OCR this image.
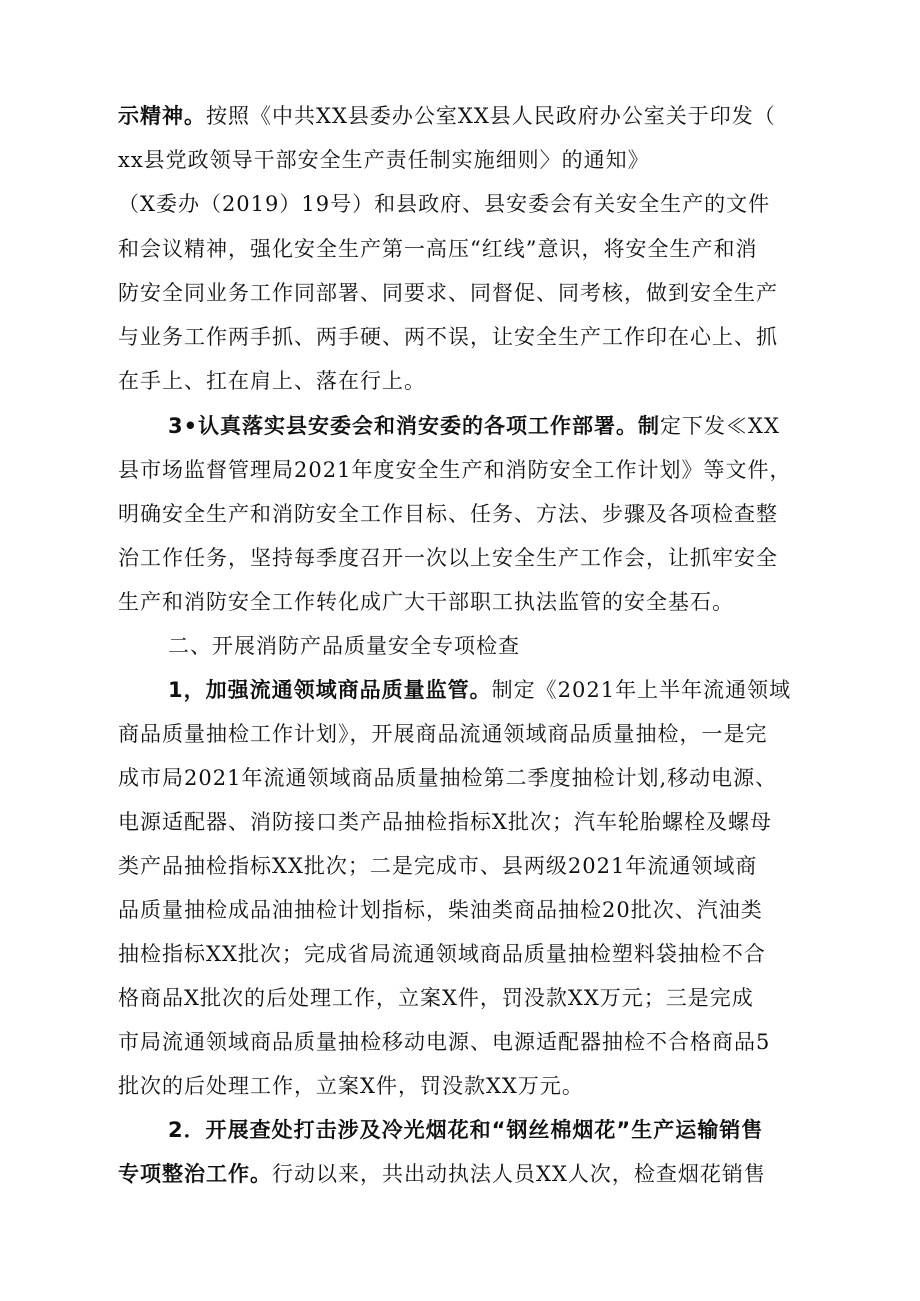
示精神。按照《中共XX县委办公室XX县人民政府办公室关于印发（

xx县党政领导干部安全生产责任制实施细则〉的通知》

（X委办（2019）19号）和县政府、县安委会有关安全生产的文件

和会议精神，强化安全生产第一高压“红线”意识，将安全生产和消

防安全同业务工作同部署、同要求、同督促、同考核，做到安全生产

与业务工作两手抓、两手硬、两不误，让安全生产工作印在心上、抓

在手上、扛在肩上、落在行上。

3•认真落实县安委会和消安委的各项工作部署。制定下发≪XX

县市场监督管理局2021年度安全生产和消防安全工作计划》等文件，

明确安全生产和消防安全工作目标、任务、方法、步骤及各项检查整

治工作任务，坚持每季度召开一次以上安全生产工作会，让抓牢安全

生产和消防安全工作转化成广大干部职工执法监管的安全基石。

二、开展消防产品质量安全专项检查

1，加强流通领域商品质量监管。制定《2021年上半年流通领域

商品质量抽检工作计划》，开展商品流通领域商品质量抽检，一是完

成市局2021年流通领域商品质量抽检第二季度抽检计划,移动电源、

电源适配器、消防接口类产品抽检指标X批次；汽车轮胎螺栓及螺母

类产品抽检指标XX批次；二是完成市、县两级2021年流通领域商

品质量抽检成品油抽检计划指标，柴油类商品抽检20批次、汽油类

抽检指标XX批次；完成省局流通领域商品质量抽检塑料袋抽检不合

格商品X批次的后处理工作，立案X件，罚没款XX万元；三是完成

市局流通领域商品质量抽检移动电源、电源适配器抽检不合格商品5

批次的后处理工作，立案X件，罚没款XX万元。

2．开展查处打击涉及冷光烟花和“钢丝棉烟花”生产运输销售

专项整治工作。行动以来，共出动执法人员XX人次，检查烟花销售
